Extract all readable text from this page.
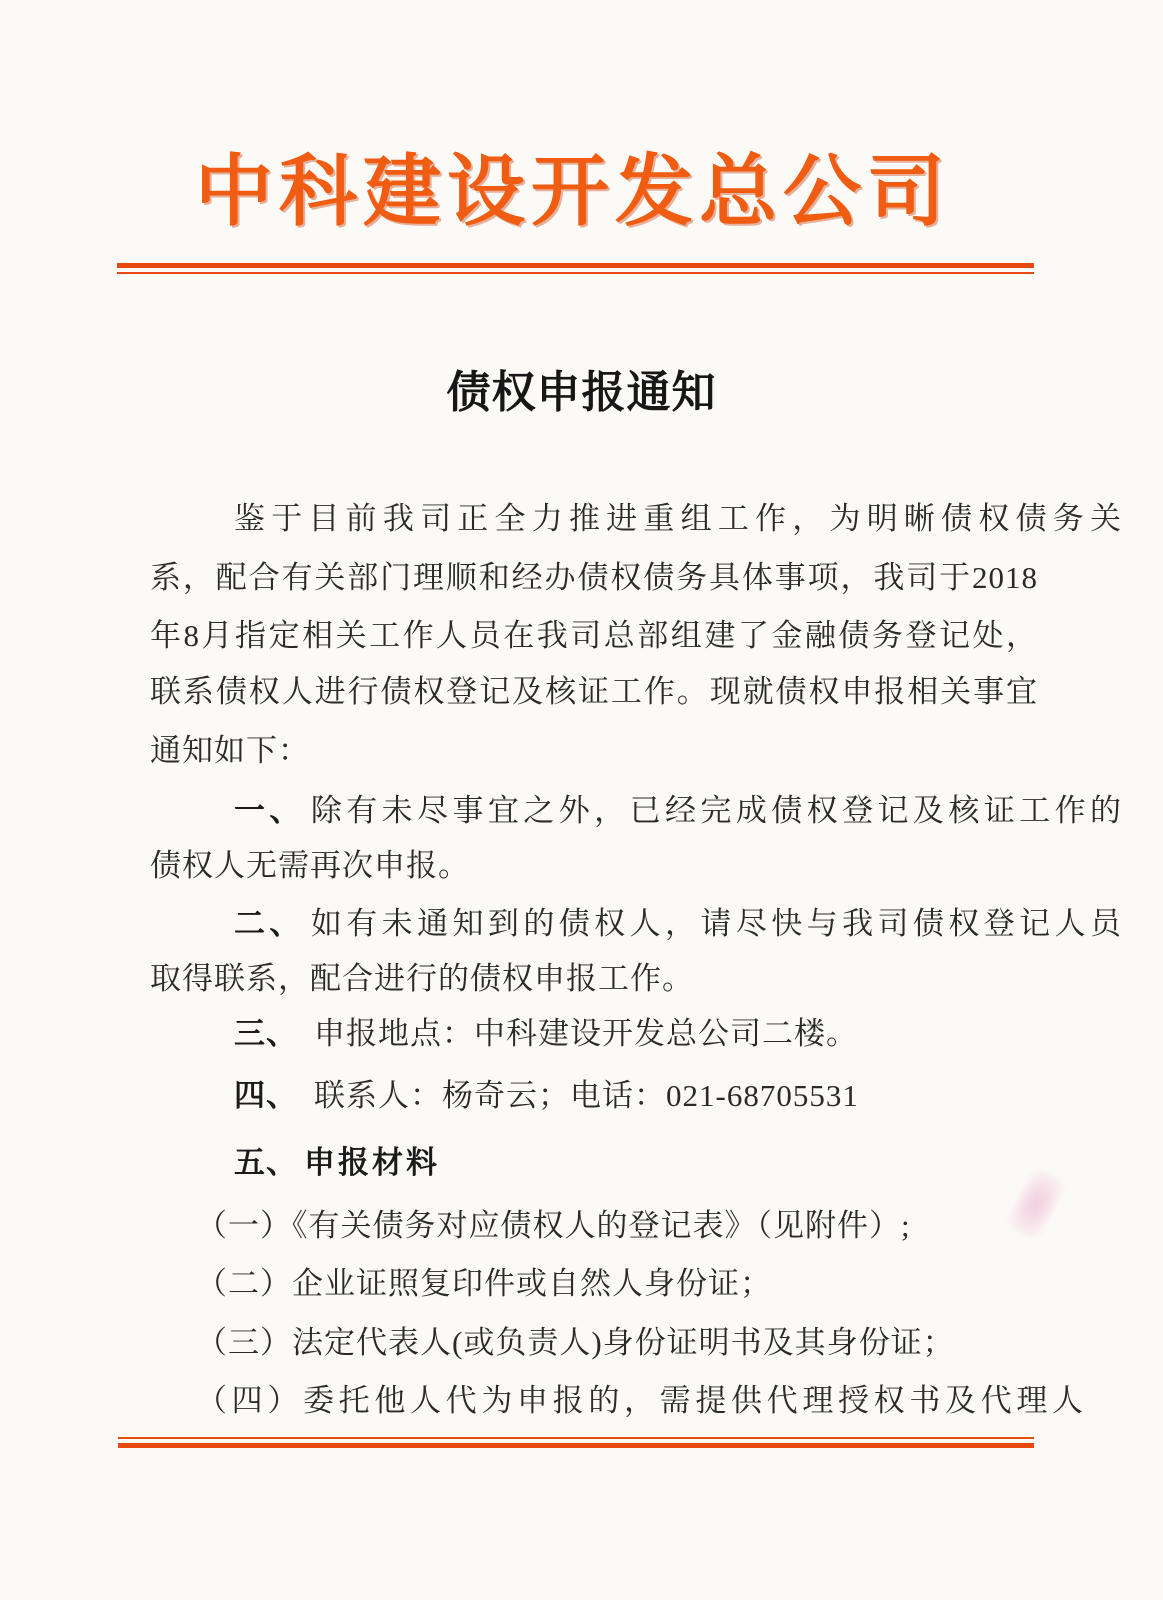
中科建设开发总公司
债权申报通知
鉴于目前我司正全力推进重组工作，为明晰债权债务关
系，配合有关部门理顺和经办债权债务具体事项，我司于2018
年8月指定相关工作人员在我司总部组建了金融债务登记处，
联系债权人进行债权登记及核证工作。现就债权申报相关事宜
通知如下：
一、 除有未尽事宜之外，已经完成债权登记及核证工作的
债权人无需再次申报。
二、 如有未通知到的债权人，请尽快与我司债权登记人员
取得联系，配合进行的债权申报工作。
三、 申报地点：中科建设开发总公司二楼。
四、 联系人：杨奇云；电话：021-68705531
五、 申报材料
（一）《有关债务对应债权人的登记表》（见附件）;
（二）企业证照复印件或自然人身份证；
（三）法定代表人(或负责人)身份证明书及其身份证；
（四）委托他人代为申报的，需提供代理授权书及代理人
